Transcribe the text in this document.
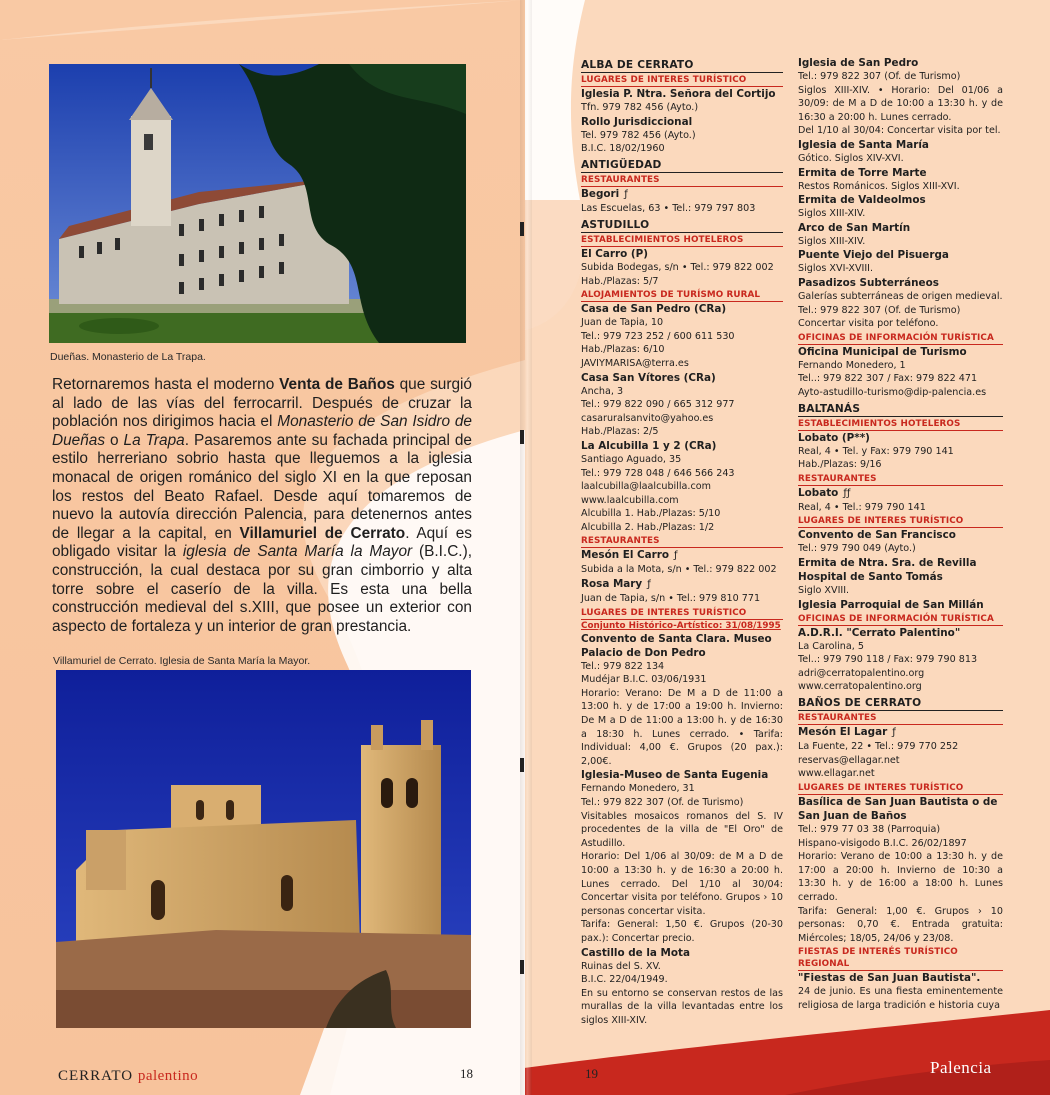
Dueñas. Monasterio de La Trapa.
Retornaremos hasta el moderno Venta de Baños que surgió al lado de las vías del ferrocarril. Después de cruzar la población nos dirigimos hacia el Monasterio de San Isidro de Dueñas o La Trapa. Pasaremos ante su fachada principal de estilo herreriano sobrio hasta que lleguemos a la iglesia monacal de origen románico del siglo XI en la que reposan los restos del Beato Rafael. Desde aquí tomaremos de nuevo la autovía dirección Palencia, para detenernos antes de llegar a la capital, en Villamuriel de Cerrato. Aquí es obligado visitar la iglesia de Santa María la Mayor (B.I.C.), construcción, la cual destaca por su gran cimborrio y alta torre sobre el caserío de la villa. Es esta una bella construcción medieval del s.XIII, que posee un exterior con aspecto de fortaleza y un interior de gran prestancia.
Villamuriel de Cerrato. Iglesia de Santa María la Mayor.
CERRATO palentino	18	19
ALBA DE CERRATO
LUGARES DE INTERES TURÍSTICO
Iglesia P. Ntra. Señora del Cortijo
Tfn. 979 782 456 (Ayto.)
Rollo Jurisdiccional
Tel. 979 782 456 (Ayto.)
B.I.C. 18/02/1960
ANTIGÜEDAD
RESTAURANTES
Begori ƒ
Las Escuelas, 63 • Tel.: 979 797 803
ASTUDILLO
ESTABLECIMIENTOS HOTELEROS
El Carro (P)
Subida Bodegas, s/n • Tel.: 979 822 002
Hab./Plazas: 5/7
ALOJAMIENTOS DE TURÍSMO RURAL
Casa de San Pedro (CRa)
Juan de Tapia, 10
Tel.: 979 723 252 / 600 611 530
Hab./Plazas: 6/10
JAVIYMARISA@terra.es
Casa San Vítores (CRa)
Ancha, 3
Tel.: 979 822 090 / 665 312 977
casaruralsanvito@yahoo.es
Hab./Plazas: 2/5
La Alcubilla 1 y 2 (CRa)
Santiago Aguado, 35
Tel.: 979 728 048 / 646 566 243
laalcubilla@laalcubilla.com
www.laalcubilla.com
Alcubilla 1. Hab./Plazas: 5/10
Alcubilla 2. Hab./Plazas: 1/2
RESTAURANTES
Mesón El Carro ƒ
Subida a la Mota, s/n • Tel.: 979 822 002
Rosa Mary ƒ
Juan de Tapia, s/n • Tel.: 979 810 771
LUGARES DE INTERES TURÍSTICO
Conjunto Histórico-Artístico: 31/08/1995
Convento de Santa Clara. Museo Palacio de Don Pedro
Tel.: 979 822 134
Mudéjar B.I.C. 03/06/1931
Horario: Verano: De M a D de 11:00 a 13:00 h. y de 17:00 a 19:00 h. Invierno: De M a D de 11:00 a 13:00 h. y de 16:30 a 18:30 h. Lunes cerrado. • Tarifa: Individual: 4,00 €. Grupos (20 pax.): 2,00€.
Iglesia-Museo de Santa Eugenia
Fernando Monedero, 31
Tel.: 979 822 307 (Of. de Turismo)
Visitables mosaicos romanos del S. IV procedentes de la villa de "El Oro" de Astudillo.
Horario: Del 1/06 al 30/09: de M a D de 10:00 a 13:30 h. y de 16:30 a 20:00 h. Lunes cerrado. Del 1/10 al 30/04: Concertar visita por teléfono. Grupos › 10 personas concertar visita.
Tarifa: General: 1,50 €. Grupos (20-30 pax.): Concertar precio.
Castillo de la Mota
Ruinas del S. XV.
B.I.C. 22/04/1949.
En su entorno se conservan restos de las murallas de la villa levantadas entre los siglos XIII-XIV.
Iglesia de San Pedro
Tel.: 979 822 307 (Of. de Turismo)
Siglos XIII-XIV. • Horario: Del 01/06 a 30/09: de M a D de 10:00 a 13:30 h. y de 16:30 a 20:00 h. Lunes cerrado.
Del 1/10 al 30/04: Concertar visita por tel.
Iglesia de Santa María
Gótico. Siglos XIV-XVI.
Ermita de Torre Marte
Restos Románicos. Siglos XIII-XVI.
Ermita de Valdeolmos
Siglos XIII-XIV.
Arco de San Martín
Siglos XIII-XIV.
Puente Viejo del Pisuerga
Siglos XVI-XVIII.
Pasadizos Subterráneos
Galerías subterráneas de origen medieval.
Tel.: 979 822 307 (Of. de Turismo)
Concertar visita por teléfono.
OFICINAS DE INFORMACIÓN TURÍSTICA
Oficina Municipal de Turismo
Fernando Monedero, 1
Tel..: 979 822 307 / Fax: 979 822 471
Ayto-astudillo-turismo@dip-palencia.es
BALTANÁS
ESTABLECIMIENTOS HOTELEROS
Lobato (P**)
Real, 4 • Tel. y Fax: 979 790 141
Hab./Plazas: 9/16
RESTAURANTES
Lobato ƒƒ
Real, 4 • Tel.: 979 790 141
LUGARES DE INTERES TURÍSTICO
Convento de San Francisco
Tel.: 979 790 049 (Ayto.)
Ermita de Ntra. Sra. de Revilla
Hospital de Santo Tomás
Siglo XVIII.
Iglesia Parroquial de San Millán
OFICINAS DE INFORMACIÓN TURÍSTICA
A.D.R.I. "Cerrato Palentino"
La Carolina, 5
Tel..: 979 790 118 / Fax: 979 790 813
adri@cerratopalentino.org
www.cerratopalentino.org
BAÑOS DE CERRATO
RESTAURANTES
Mesón El Lagar ƒ
La Fuente, 22 • Tel.: 979 770 252
reservas@ellagar.net
www.ellagar.net
LUGARES DE INTERES TURÍSTICO
Basílica de San Juan Bautista o de San Juan de Baños
Tel.: 979 77 03 38 (Parroquia)
Hispano-visigodo B.I.C. 26/02/1897
Horario: Verano de 10:00 a 13:30 h. y de 17:00 a 20:00 h. Invierno de 10:30 a 13:30 h. y de 16:00 a 18:00 h. Lunes cerrado.
Tarifa: General: 1,00 €. Grupos › 10 personas: 0,70 €. Entrada gratuita: Miércoles; 18/05, 24/06 y 23/08.
FIESTAS DE INTERÉS TURÍSTICO REGIONAL
"Fiestas de San Juan Bautista".
24 de junio. Es una fiesta eminentemente religiosa de larga tradición e historia cuya
Palencia
